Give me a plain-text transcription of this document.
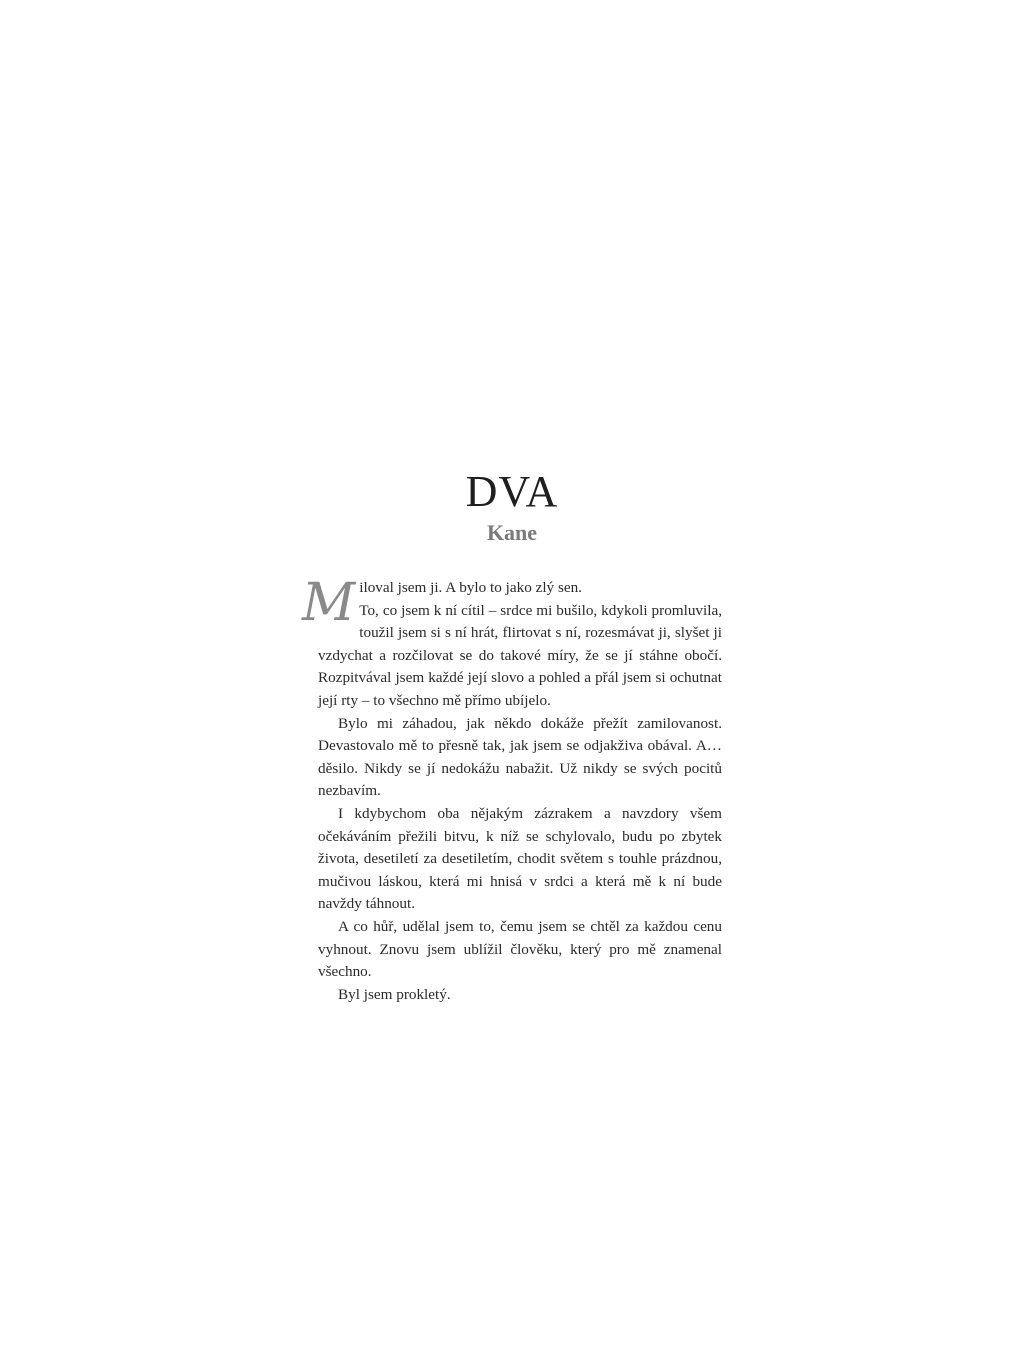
DVA
Kane

Miloval jsem ji. A bylo to jako zlý sen.
To, co jsem k ní cítil – srdce mi bušilo, kdykoli promluvila, toužil jsem si s ní hrát, flirtovat s ní, rozesmávat ji, slyšet ji vzdychat a rozčilovat se do takové míry, že se jí stáhne obočí. Rozpitvával jsem každé její slovo a pohled a přál jsem si ochutnat její rty – to všechno mě přímo ubíjelo.

Bylo mi záhadou, jak někdo dokáže přežít zamilovanost. Devastovalo mě to přesně tak, jak jsem se odjakživa obával. A… děsilo. Nikdy se jí nedokážu nabažit. Už nikdy se svých pocitů nezbavím.

I kdybychom oba nějakým zázrakem a navzdory všem očekáváním přežili bitvu, k níž se schylovalo, budu po zbytek života, desetiletí za desetiletím, chodit světem s touhle prázdnou, mučivou láskou, která mi hnisá v srdci a která mě k ní bude navždy táhnout.

A co hůř, udělal jsem to, čemu jsem se chtěl za každou cenu vyhnout. Znovu jsem ublížil člověku, který pro mě znamenal všechno.

Byl jsem prokletý.
